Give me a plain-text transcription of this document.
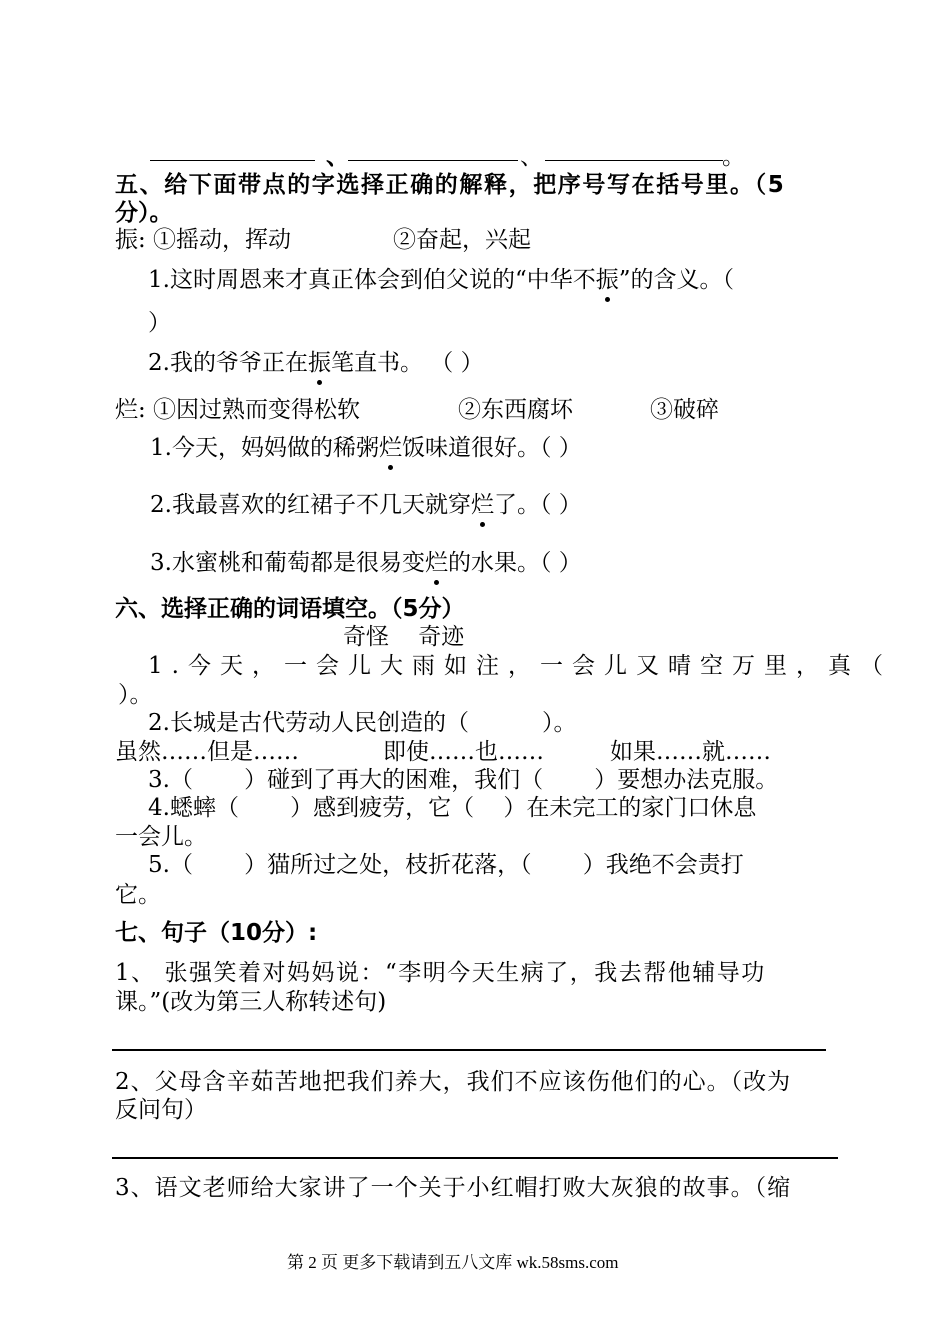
、	、	。
五、给下面带点的字选择正确的解释，把序号写在括号里。（5
分）。
振: ①摇动，挥动	②奋起，兴起
1.这时周恩来才真正体会到伯父说的“中华不振”的含义。（
）
2.我的爷爷正在振笔直书。 （ ）
烂: ①因过熟而变得松软	②东西腐坏	③破碎
1.今天，妈妈做的稀粥烂饭味道很好。（ ）
2.我最喜欢的红裙子不几天就穿烂了。（ ）
3.水蜜桃和葡萄都是很易变烂的水果。（ ）
六、选择正确的词语填空。（5分）
奇怪    奇迹
1.今天，一会儿大雨如注，一会儿又晴空万里，真（
）。
2.长城是古代劳动人民创造的（          ）。
虽然……但是……	即使……也……	如果……就……
3.（       ）碰到了再大的困难，我们（       ）要想办法克服。
4.蟋蟀（       ）感到疲劳，它（    ）在未完工的家门口休息
一会儿。
5.（       ）猫所过之处，枝折花落，（       ）我绝不会责打
它。
七、句子（10分）:
1、 张强笑着对妈妈说：“李明今天生病了，我去帮他辅导功
课。”(改为第三人称转述句)
2、父母含辛茹苦地把我们养大，我们不应该伤他们的心。（改为
反问句）
3、语文老师给大家讲了一个关于小红帽打败大灰狼的故事。（缩
第 2 页 更多下载请到五八文库 wk.58sms.com
